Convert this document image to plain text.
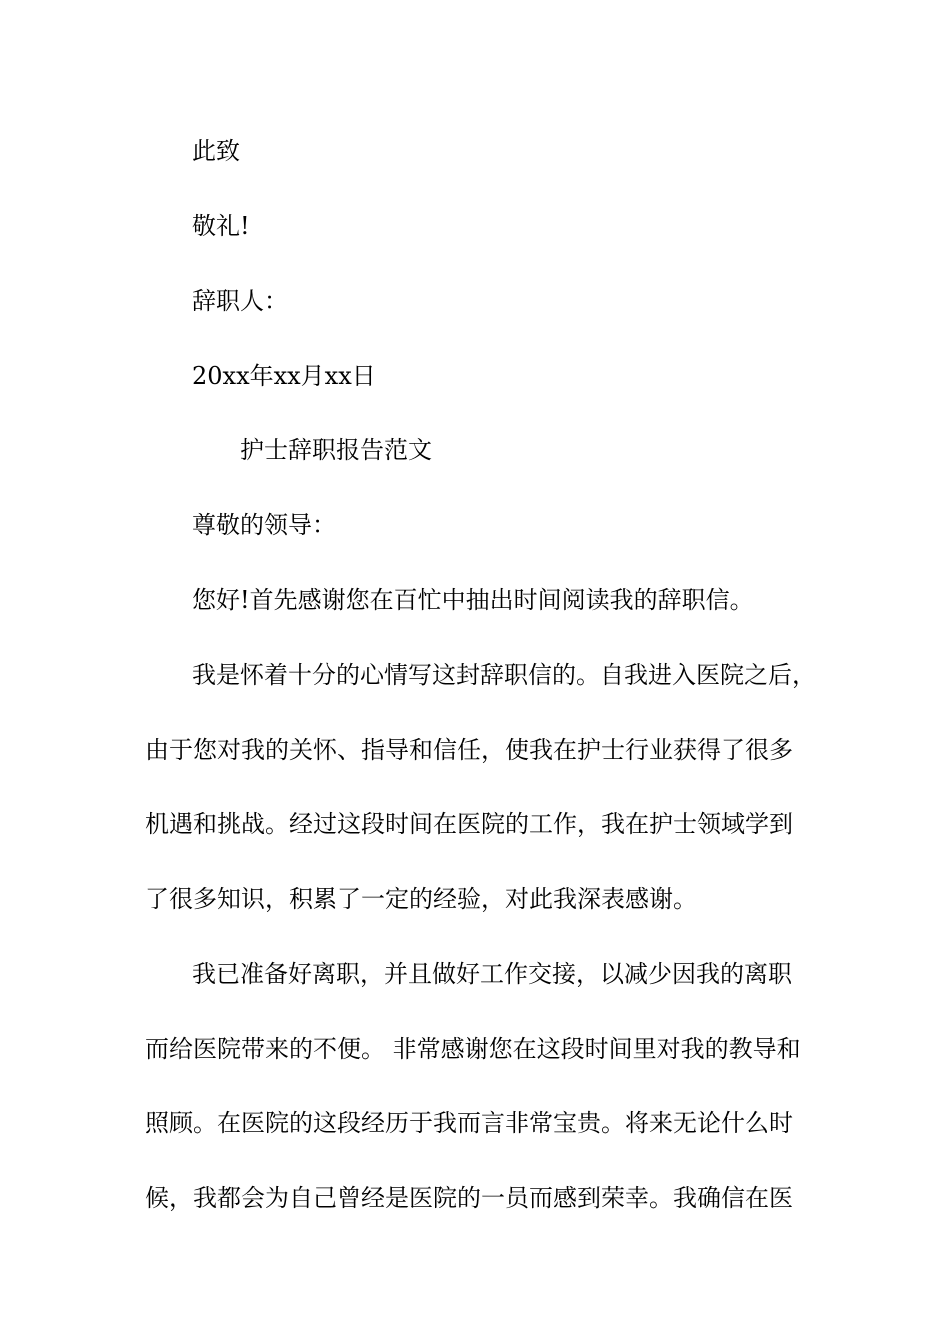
此致
敬礼!
辞职人：
20xx年xx月xx日
护士辞职报告范文
尊敬的领导：
您好!首先感谢您在百忙中抽出时间阅读我的辞职信。
我是怀着十分的心情写这封辞职信的。自我进入医院之后，
由于您对我的关怀、指导和信任，使我在护士行业获得了很多
机遇和挑战。经过这段时间在医院的工作，我在护士领域学到
了很多知识，积累了一定的经验，对此我深表感谢。
我已准备好离职，并且做好工作交接，以减少因我的离职
而给医院带来的不便。 非常感谢您在这段时间里对我的教导和
照顾。在医院的这段经历于我而言非常宝贵。将来无论什么时
候，我都会为自己曾经是医院的一员而感到荣幸。我确信在医
